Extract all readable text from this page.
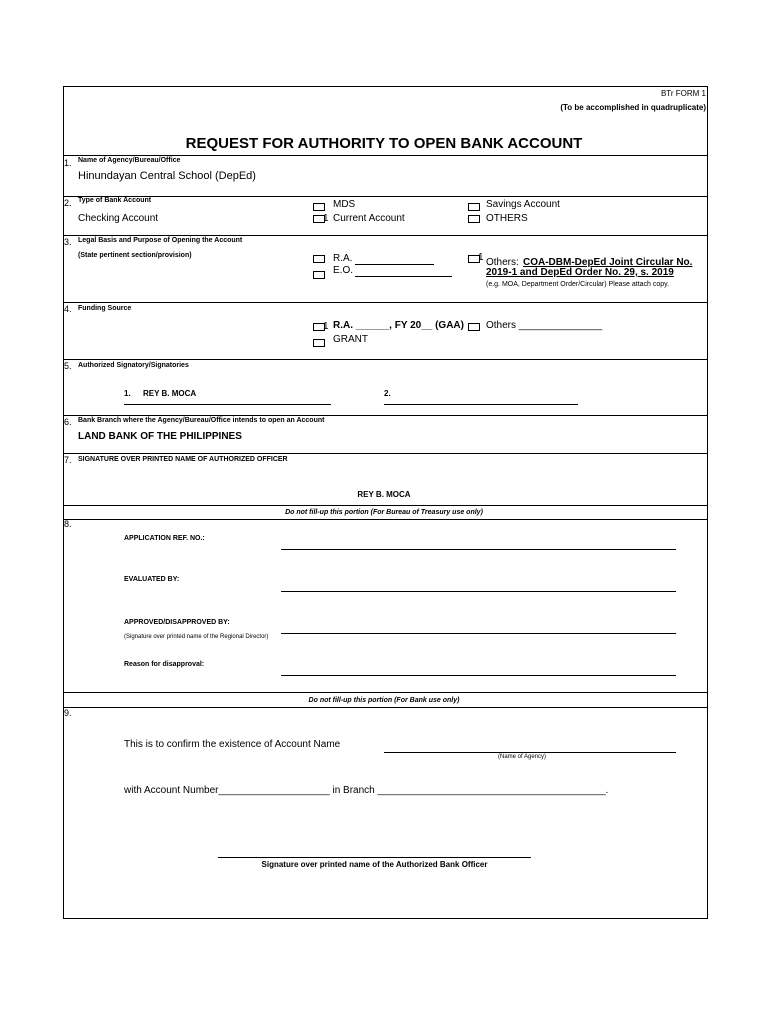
BTr FORM 1
(To be accomplished in quadruplicate)
REQUEST FOR AUTHORITY TO OPEN BANK ACCOUNT
1. Name of Agency/Bureau/Office
Hinundayan Central School (DepEd)
2. Type of Bank Account
Checking Account
MDS
1 Current Account
Savings Account
OTHERS
3. Legal Basis and Purpose of Opening the Account
(State pertinent section/provision)	R.A.
E.O.
1 Others: COA-DBM-DepEd Joint Circular No.
2019-1 and DepEd Order No. 29, s. 2019
(e.g. MOA, Department Order/Circular) Please attach copy.
4. Funding Source
1 R.A. ______, FY 20__ (GAA) Others _______________
GRANT
5. Authorized Signatory/Signatories
1. REY B. MOCA	2.
6. Bank Branch where the Agency/Bureau/Office intends to open an Account
LAND BANK OF THE PHILIPPINES
7. SIGNATURE OVER PRINTED NAME OF AUTHORIZED OFFICER
REY B. MOCA
Do not fill-up this portion (For Bureau of Treasury use only)
8.
APPLICATION REF. NO.:
EVALUATED BY:
APPROVED/DISAPPROVED BY:
(Signature over printed name of the Regional Director)
Reason for disapproval:
Do not fill-up this portion (For Bank use only)
9.
This is to confirm the existence of Account Name
(Name of Agency)
with Account Number____________________ in Branch _________________________________________.
Signature over printed name of the Authorized Bank Officer
